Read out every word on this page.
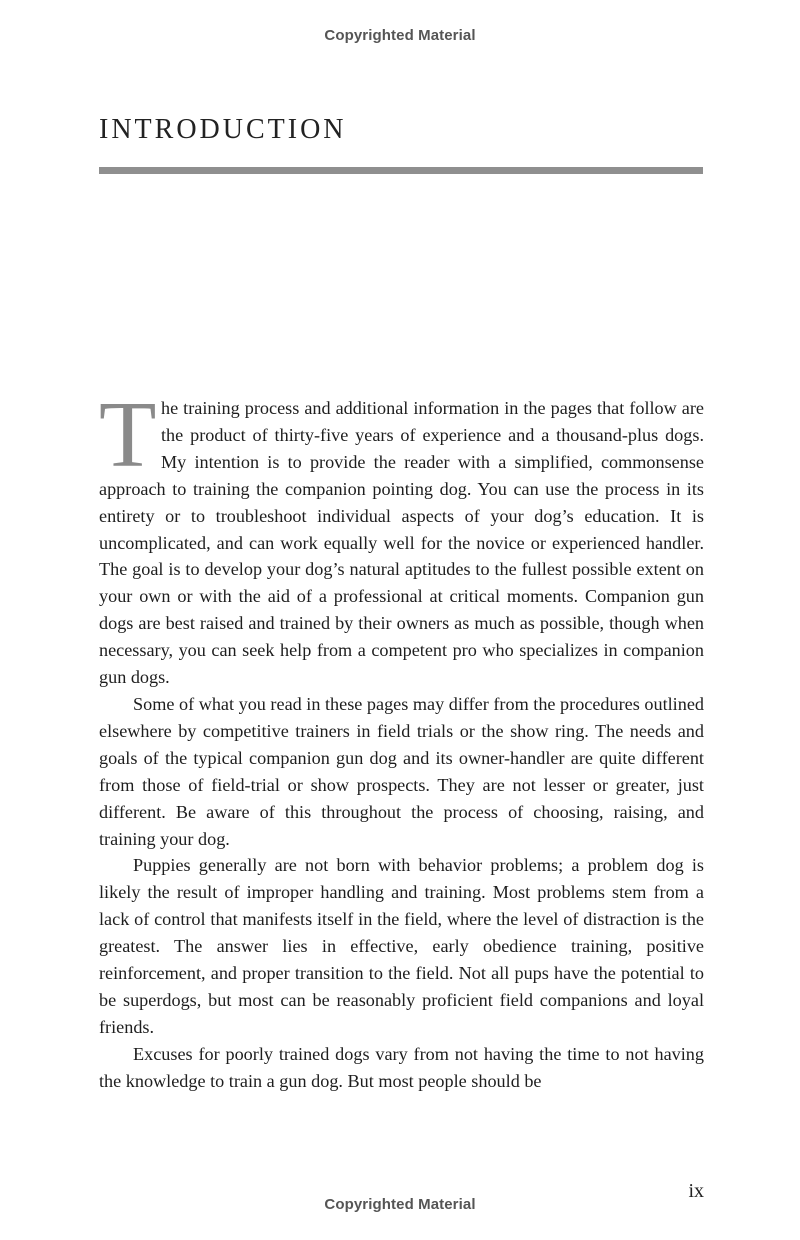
Copyrighted Material
INTRODUCTION

The training process and additional information in the pages that follow are the product of thirty-five years of experience and a thousand-plus dogs. My intention is to provide the reader with a simplified, commonsense approach to training the companion pointing dog. You can use the process in its entirety or to troubleshoot individual aspects of your dog’s education. It is uncomplicated, and can work equally well for the novice or experienced handler. The goal is to develop your dog’s natural aptitudes to the fullest possible extent on your own or with the aid of a professional at critical moments. Companion gun dogs are best raised and trained by their owners as much as possible, though when necessary, you can seek help from a competent pro who specializes in companion gun dogs.

Some of what you read in these pages may differ from the procedures outlined elsewhere by competitive trainers in field trials or the show ring. The needs and goals of the typical companion gun dog and its owner-handler are quite different from those of field-trial or show prospects. They are not lesser or greater, just different. Be aware of this throughout the process of choosing, raising, and training your dog.

Puppies generally are not born with behavior problems; a problem dog is likely the result of improper handling and training. Most problems stem from a lack of control that manifests itself in the field, where the level of distraction is the greatest. The answer lies in effective, early obedience training, positive reinforcement, and proper transition to the field. Not all pups have the potential to be superdogs, but most can be reasonably proficient field companions and loyal friends.

Excuses for poorly trained dogs vary from not having the time to not having the knowledge to train a gun dog. But most people should be

ix
Copyrighted Material
